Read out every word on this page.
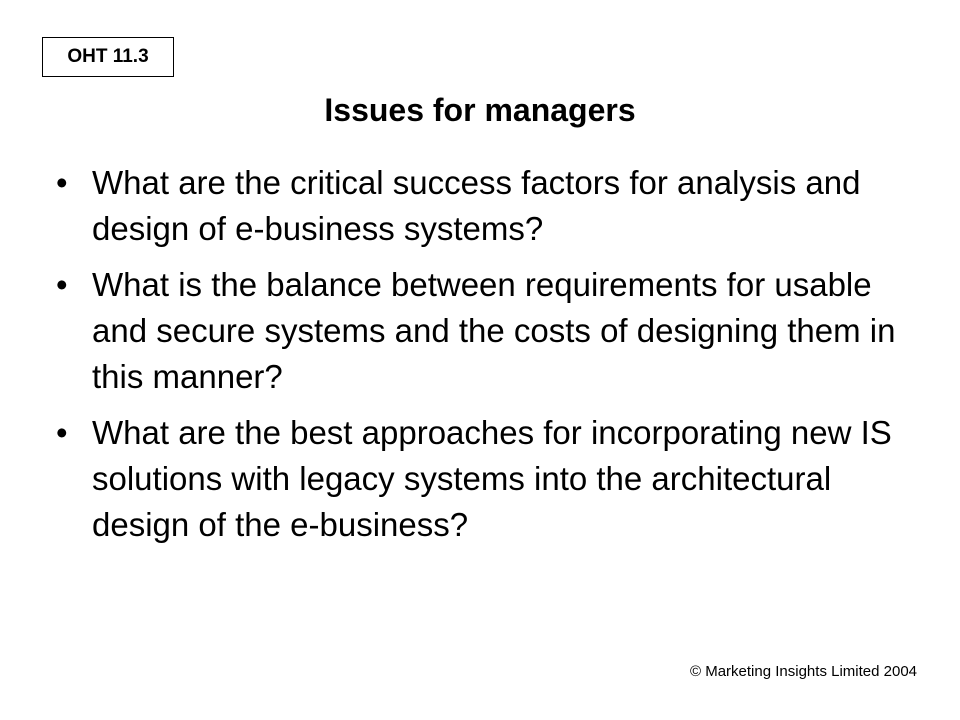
OHT 11.3
Issues for managers
• What are the critical success factors for analysis and design of e-business systems?
• What is the balance between requirements for usable and secure systems and the costs of designing them in this manner?
• What are the best approaches for incorporating new IS solutions with legacy systems into the architectural design of the e-business?
© Marketing Insights Limited 2004
